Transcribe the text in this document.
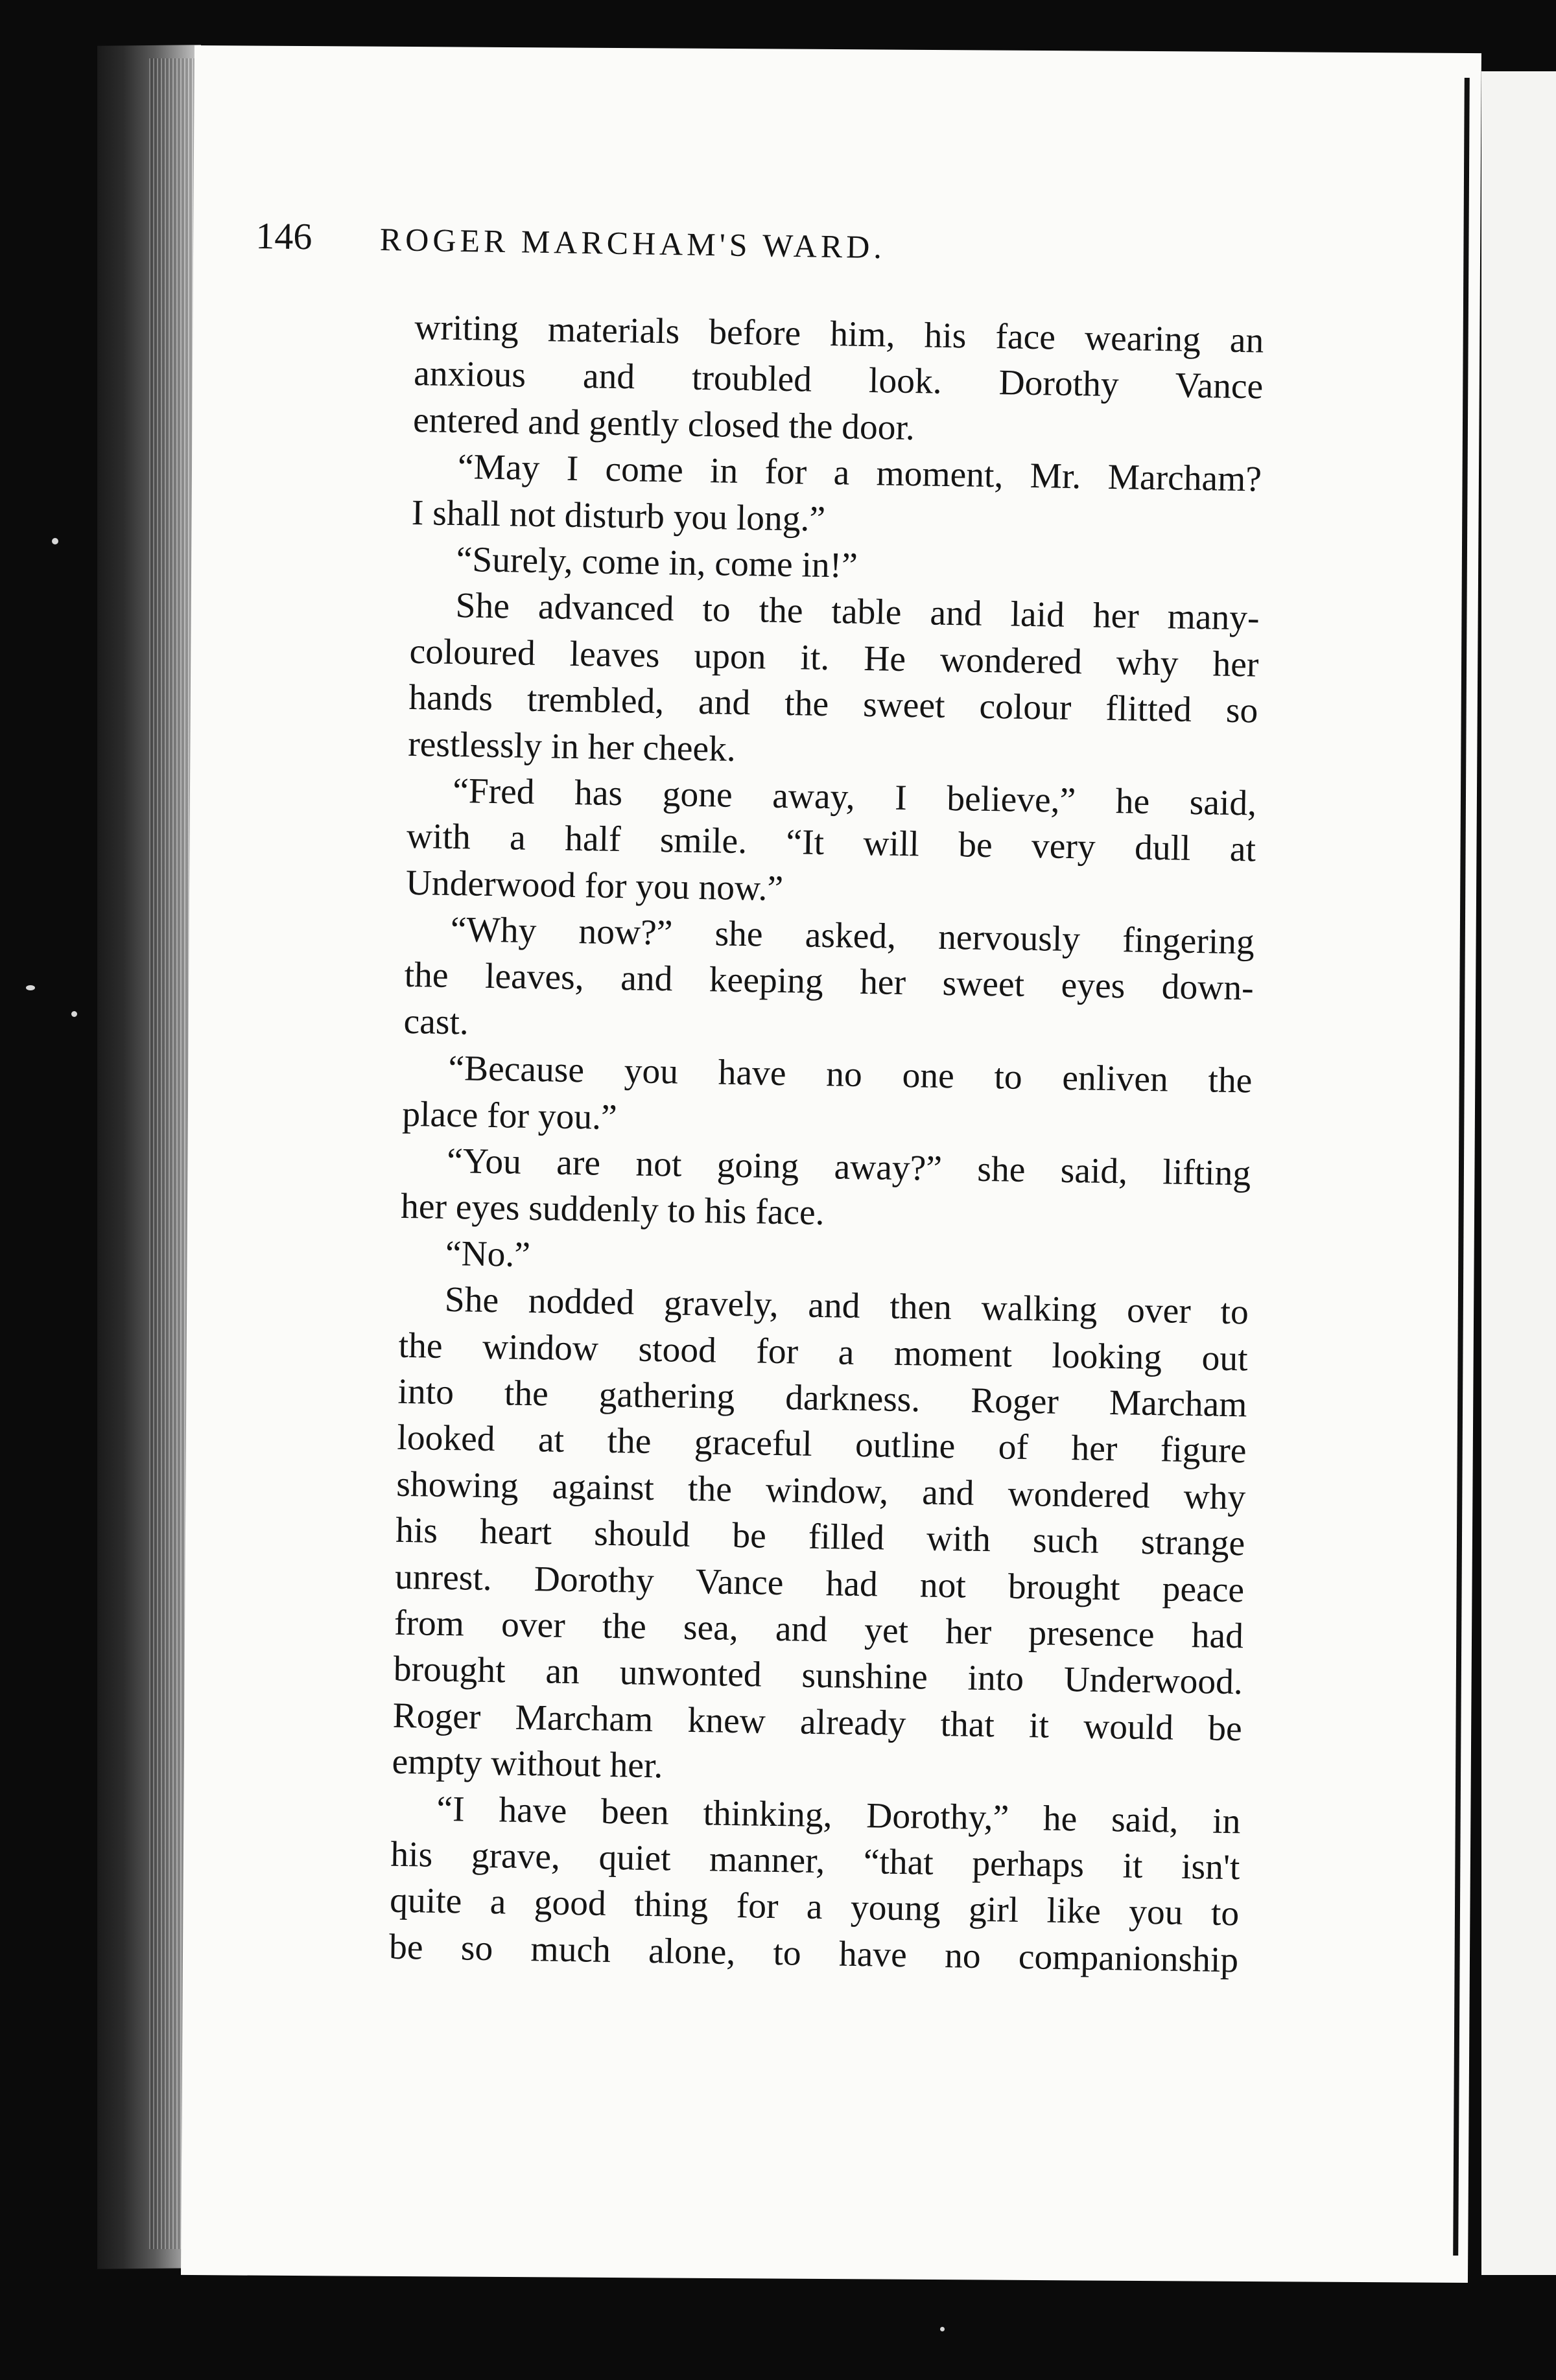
146 ROGER MARCHAM'S WARD.
writing materials before him, his face wearing an
anxious and troubled look. Dorothy Vance
entered and gently closed the door.
“May I come in for a moment, Mr. Marcham?
I shall not disturb you long.”
“Surely, come in, come in!”
She advanced to the table and laid her many-
coloured leaves upon it. He wondered why her
hands trembled, and the sweet colour flitted so
restlessly in her cheek.
“Fred has gone away, I believe,” he said,
with a half smile. “It will be very dull at
Underwood for you now.”
“Why now?” she asked, nervously fingering
the leaves, and keeping her sweet eyes down-
cast.
“Because you have no one to enliven the
place for you.”
“You are not going away?” she said, lifting
her eyes suddenly to his face.
“No.”
She nodded gravely, and then walking over to
the window stood for a moment looking out
into the gathering darkness. Roger Marcham
looked at the graceful outline of her figure
showing against the window, and wondered why
his heart should be filled with such strange
unrest. Dorothy Vance had not brought peace
from over the sea, and yet her presence had
brought an unwonted sunshine into Underwood.
Roger Marcham knew already that it would be
empty without her.
“I have been thinking, Dorothy,” he said, in
his grave, quiet manner, “that perhaps it isn't
quite a good thing for a young girl like you to
be so much alone, to have no companionship
